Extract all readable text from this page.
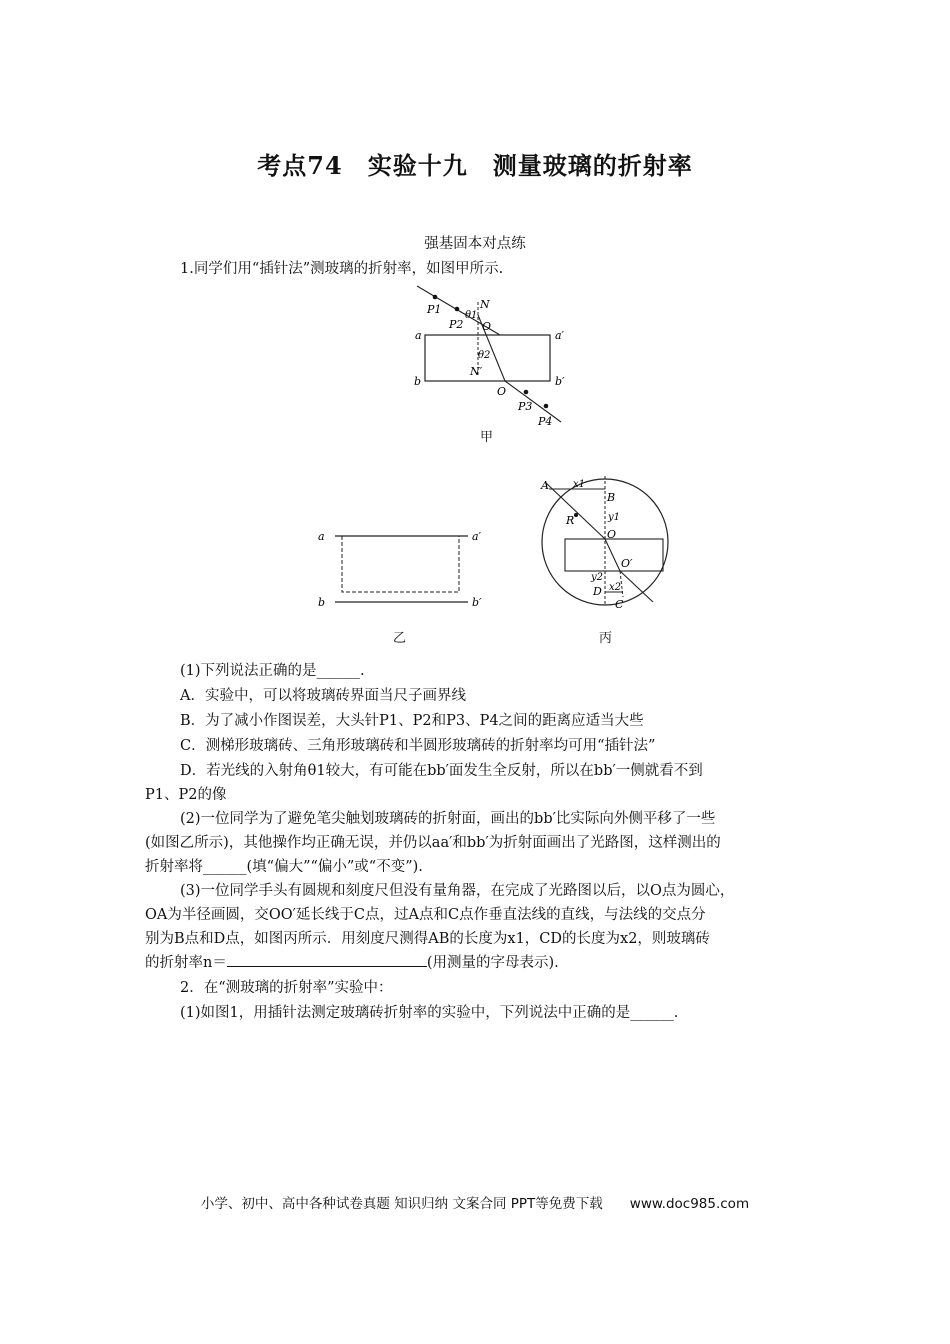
考点74　实验十九　测量玻璃的折射率
强基固本对点练
1.同学们用“插针法”测玻璃的折射率，如图甲所示.
a	a′
b	b′
N
N′
O
O
θ1
θ2
P1
P2
P3
P4
甲
a	a′
b	b′
乙
A
B
R
O
O′
D
C
x1
x2
y1
y2
丙
(1)下列说法正确的是______.
A．实验中，可以将玻璃砖界面当尺子画界线
B．为了减小作图误差，大头针P1、P2和P3、P4之间的距离应适当大些
C．测梯形玻璃砖、三角形玻璃砖和半圆形玻璃砖的折射率均可用“插针法”
D．若光线的入射角θ1较大，有可能在bb′面发生全反射，所以在bb′一侧就看不到
P1、P2的像
(2)一位同学为了避免笔尖触划玻璃砖的折射面，画出的bb′比实际向外侧平移了一些
(如图乙所示)，其他操作均正确无误，并仍以aa′和bb′为折射面画出了光路图，这样测出的
折射率将______(填“偏大”“偏小”或“不变”).
(3)一位同学手头有圆规和刻度尺但没有量角器，在完成了光路图以后，以O点为圆心，
OA为半径画圆，交OO′延长线于C点，过A点和C点作垂直法线的直线，与法线的交点分
别为B点和D点，如图丙所示．用刻度尺测得AB的长度为x1，CD的长度为x2，则玻璃砖
的折射率n＝	(用测量的字母表示).
2．在“测玻璃的折射率”实验中：
(1)如图1，用插针法测定玻璃砖折射率的实验中，下列说法中正确的是______.
小学、初中、高中各种试卷真题 知识归纳 文案合同 PPT等免费下载　　www.doc985.com
